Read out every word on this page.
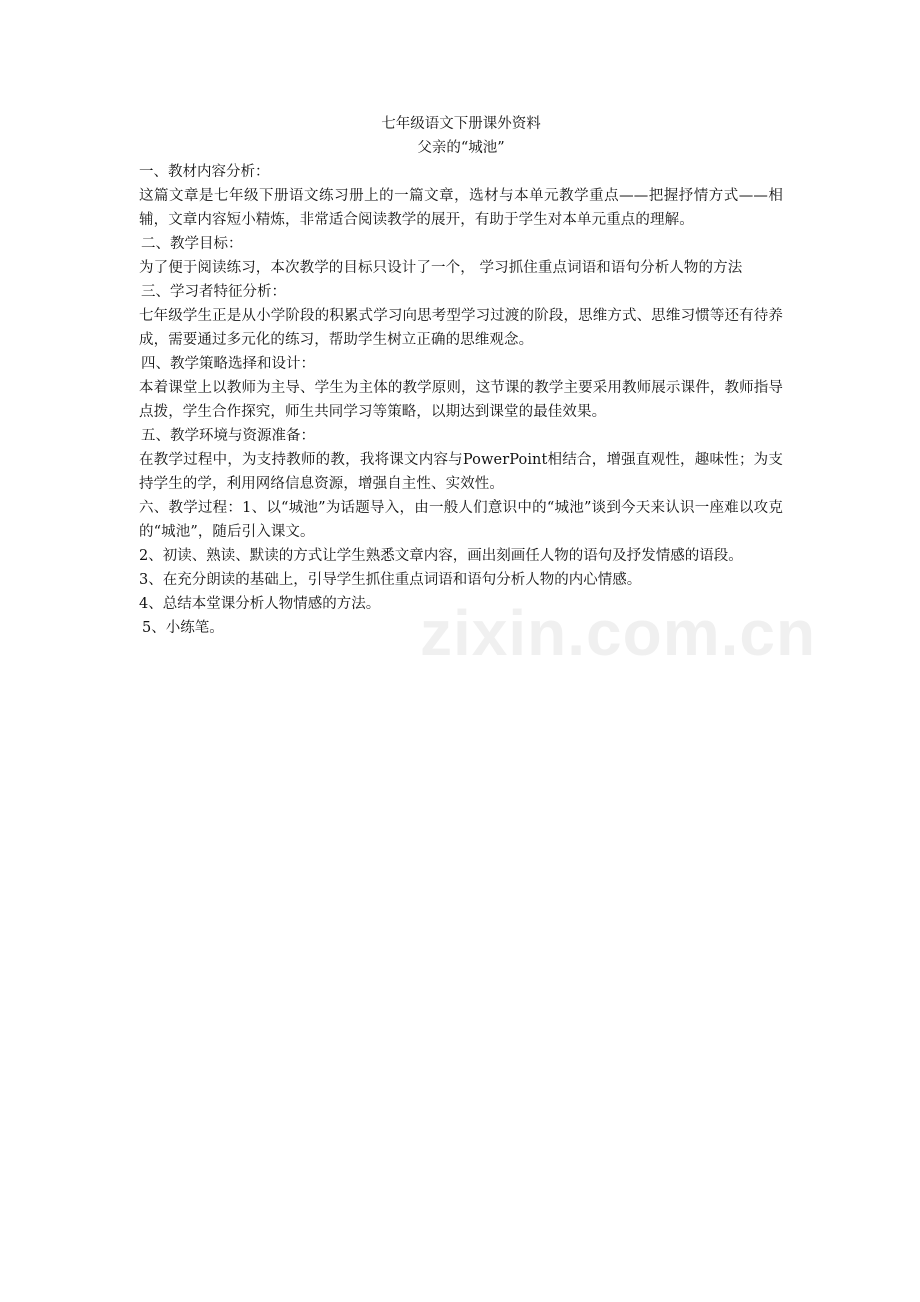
七年级语文下册课外资料

父亲的“城池”

一、教材内容分析：

这篇文章是七年级下册语文练习册上的一篇文章，选材与本单元教学重点——把握抒情方式——相辅，文章内容短小精炼，非常适合阅读教学的展开，有助于学生对本单元重点的理解。

二、教学目标：

为了便于阅读练习，本次教学的目标只设计了一个， 学习抓住重点词语和语句分析人物的方法

三、学习者特征分析：

七年级学生正是从小学阶段的积累式学习向思考型学习过渡的阶段，思维方式、思维习惯等还有待养成，需要通过多元化的练习，帮助学生树立正确的思维观念。

四、教学策略选择和设计：

本着课堂上以教师为主导、学生为主体的教学原则，这节课的教学主要采用教师展示课件，教师指导点拨，学生合作探究，师生共同学习等策略，以期达到课堂的最佳效果。

五、教学环境与资源准备：

在教学过程中，为支持教师的教，我将课文内容与PowerPoint相结合，增强直观性，趣味性；为支持学生的学，利用网络信息资源，增强自主性、实效性。

六、教学过程：1、以“城池”为话题导入，由一般人们意识中的“城池”谈到今天来认识一座难以攻克的“城池”，随后引入课文。

2、初读、熟读、默读的方式让学生熟悉文章内容，画出刻画任人物的语句及抒发情感的语段。

3、在充分朗读的基础上，引导学生抓住重点词语和语句分析人物的内心情感。

4、总结本堂课分析人物情感的方法。

5、小练笔。	zixin.com.cn
